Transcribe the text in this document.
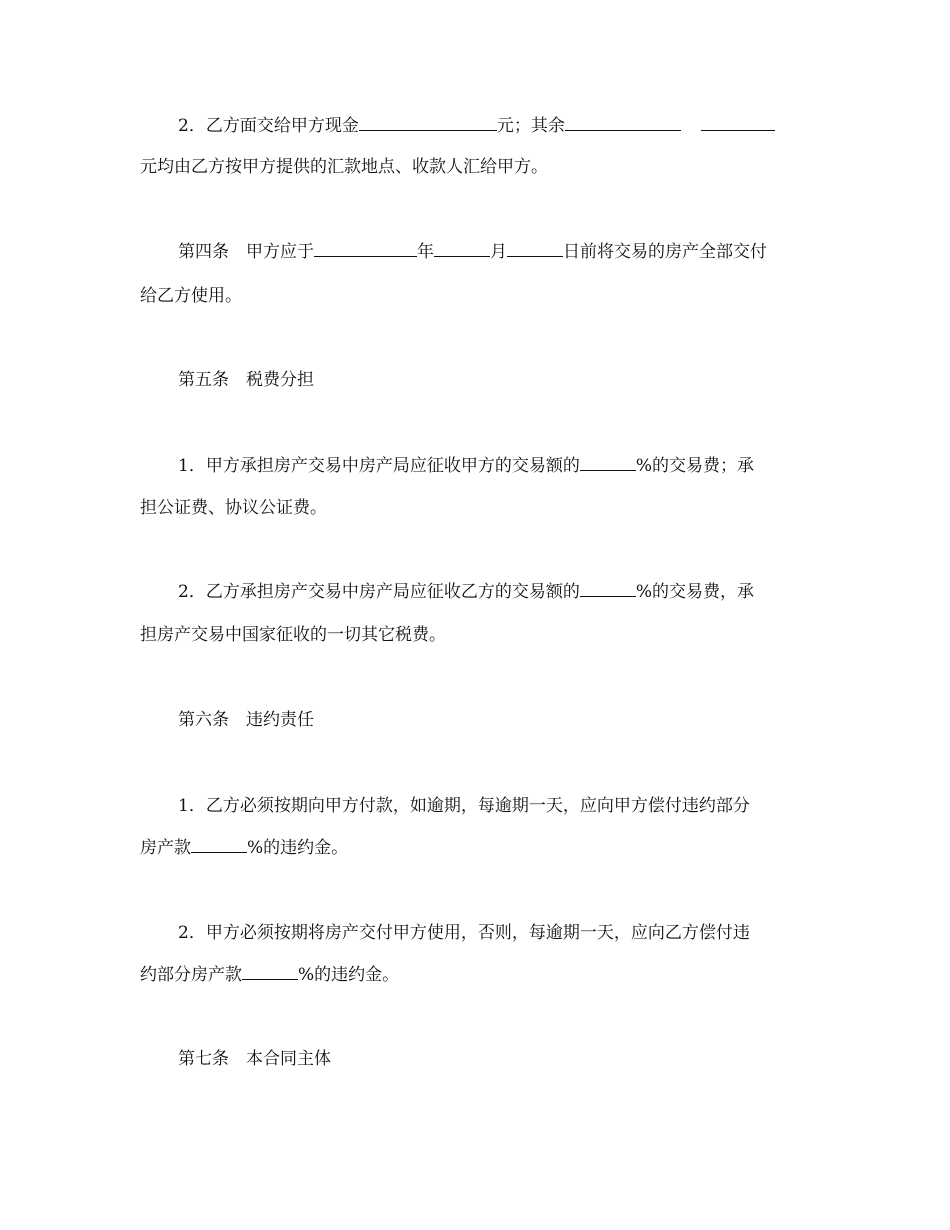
2．乙方面交给甲方现金	元；其余
元均由乙方按甲方提供的汇款地点、收款人汇给甲方。
第四条　甲方应于	年	月	日前将交易的房产全部交付
给乙方使用。
第五条　税费分担
1．甲方承担房产交易中房产局应征收甲方的交易额的	%的交易费；承
担公证费、协议公证费。
2．乙方承担房产交易中房产局应征收乙方的交易额的	%的交易费，承
担房产交易中国家征收的一切其它税费。
第六条　违约责任
1．乙方必须按期向甲方付款，如逾期，每逾期一天，应向甲方偿付违约部分
房产款	%的违约金。
2．甲方必须按期将房产交付甲方使用，否则，每逾期一天，应向乙方偿付违
约部分房产款	%的违约金。
第七条　本合同主体
